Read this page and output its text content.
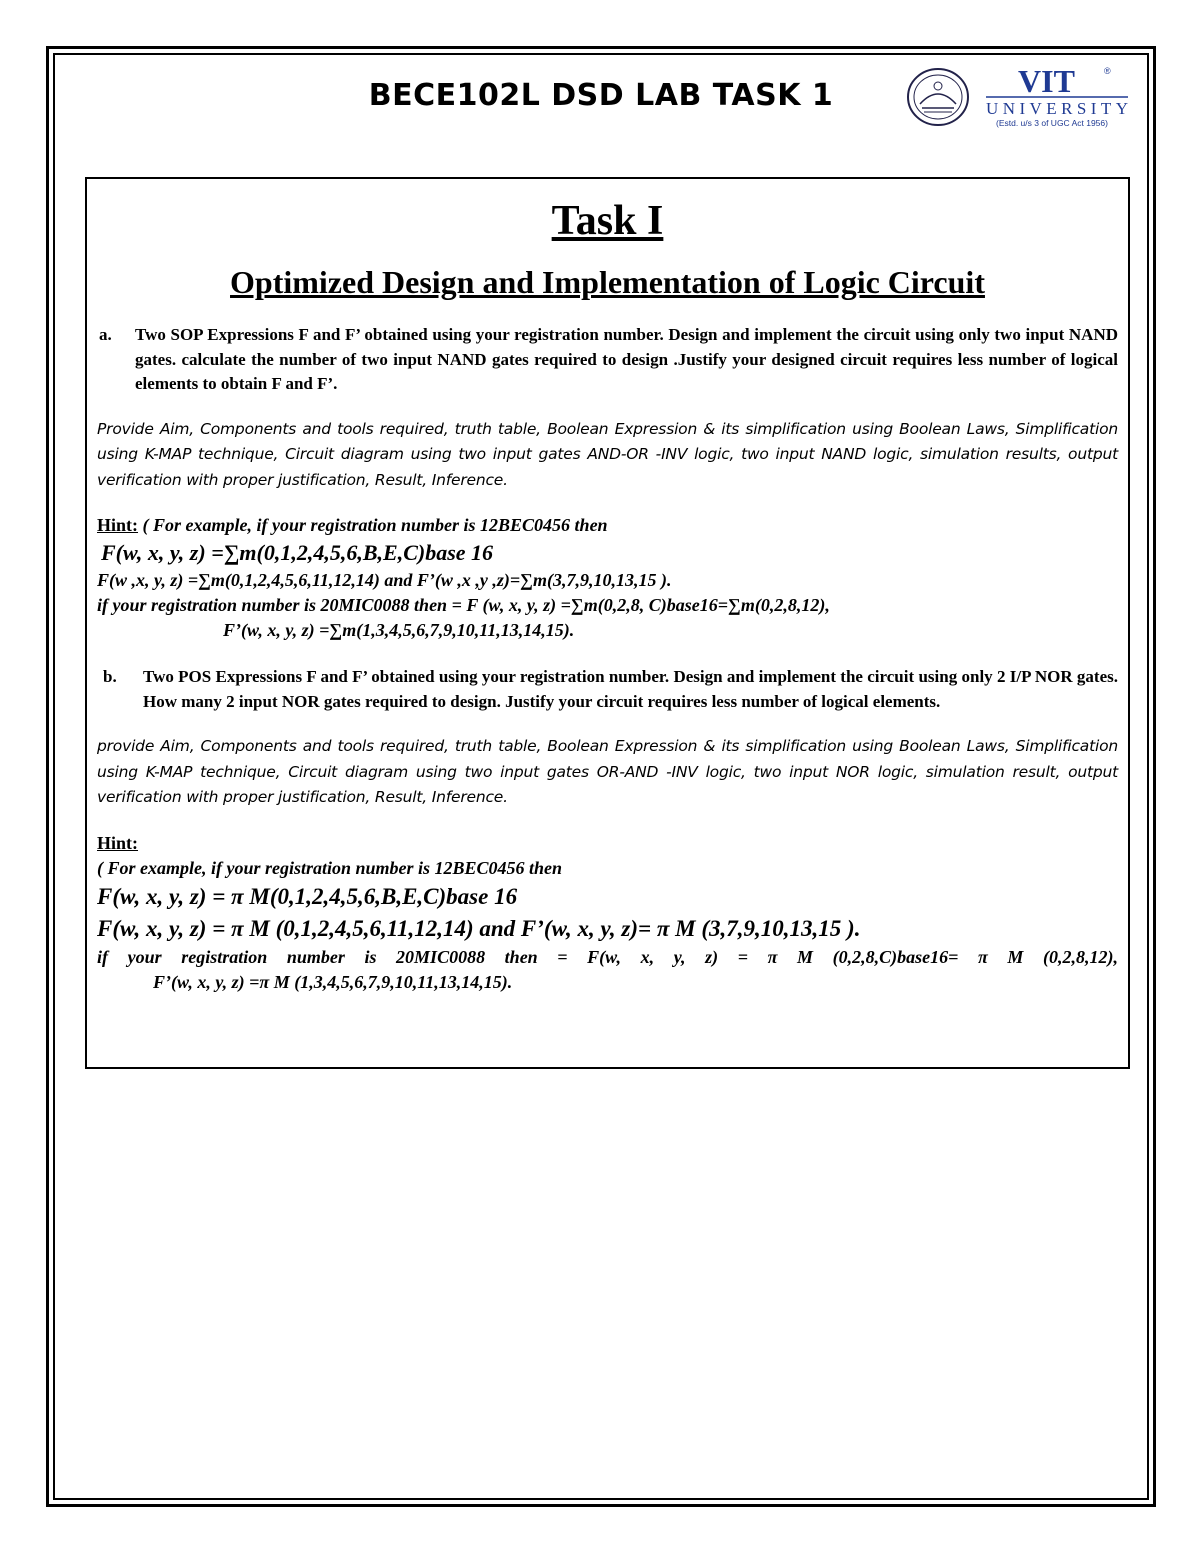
BECE102L DSD LAB TASK 1	VIT	®
UNIVERSITY
(Estd. u/s 3 of UGC Act 1956)
Task I
Optimized Design and Implementation of Logic Circuit
a. Two SOP Expressions F and F’ obtained using your registration number. Design and implement the circuit using only two input NAND gates. calculate the number of two input NAND gates required to design .Justify your designed circuit requires less number of logical elements to obtain F and F’.
Provide Aim, Components and tools required, truth table, Boolean Expression & its simplification using Boolean Laws, Simplification using K-MAP technique, Circuit diagram using two input gates AND-OR -INV logic, two input NAND logic, simulation results, output verification with proper justification, Result, Inference.
Hint: ( For example, if your registration number is 12BEC0456 then
F(w, x, y, z) =∑m(0,1,2,4,5,6,B,E,C)base 16
F(w ,x, y, z) =∑m(0,1,2,4,5,6,11,12,14) and F’(w ,x ,y ,z)=∑m(3,7,9,10,13,15 ).
if your registration number is 20MIC0088 then = F (w, x, y, z) =∑m(0,2,8, C)base16=∑m(0,2,8,12),
F’(w, x, y, z) =∑m(1,3,4,5,6,7,9,10,11,13,14,15).
b. Two POS Expressions F and F’ obtained using your registration number. Design and implement the circuit using only 2 I/P NOR gates. How many 2 input NOR gates required to design. Justify your circuit requires less number of logical elements.
provide Aim, Components and tools required, truth table, Boolean Expression & its simplification using Boolean Laws, Simplification using K-MAP technique, Circuit diagram using two input gates OR-AND -INV logic, two input NOR logic, simulation result, output verification with proper justification, Result, Inference.
Hint:
( For example, if your registration number is 12BEC0456 then
F(w, x, y, z) = π M(0,1,2,4,5,6,B,E,C)base 16
F(w, x, y, z) = π M (0,1,2,4,5,6,11,12,14) and F’(w, x, y, z)= π M (3,7,9,10,13,15 ).
if your registration number is 20MIC0088 then = F(w, x, y, z) = π M (0,2,8,C)base16= π M (0,2,8,12),
F’(w, x, y, z) =π M (1,3,4,5,6,7,9,10,11,13,14,15).
